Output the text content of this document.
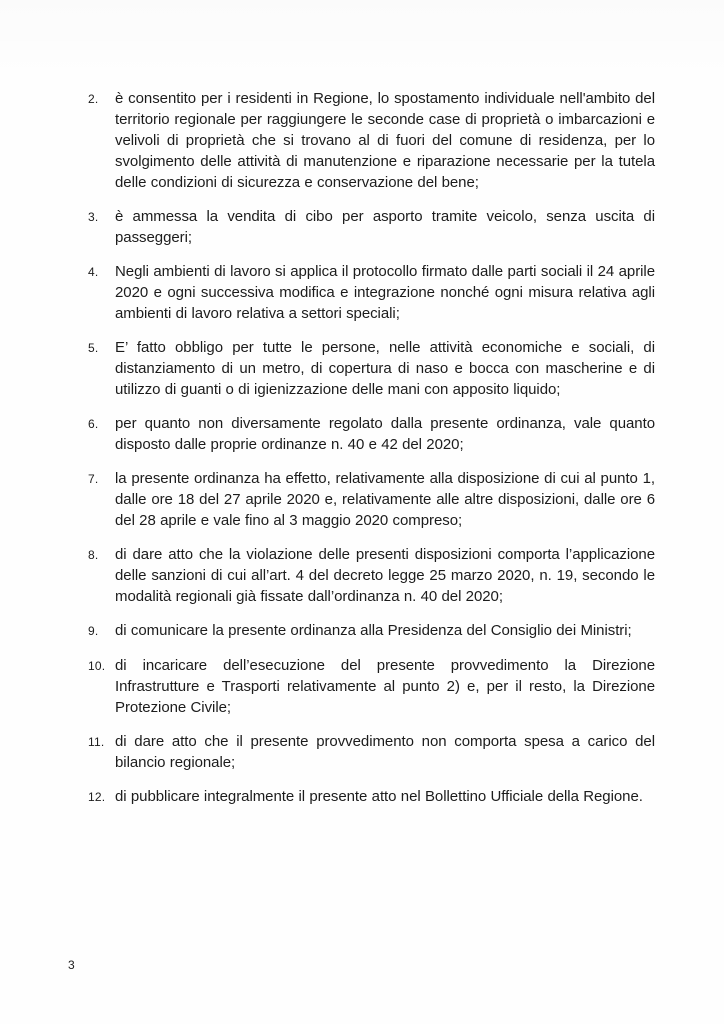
2.	è consentito per i residenti in Regione, lo spostamento individuale nell'ambito del territorio regionale per raggiungere le seconde case di proprietà o imbarcazioni e velivoli di proprietà che si trovano al di fuori del comune di residenza, per lo svolgimento delle attività di manutenzione e riparazione necessarie per la tutela delle condizioni di sicurezza e conservazione del bene;
3.	è ammessa la vendita di cibo per asporto tramite veicolo, senza uscita di passeggeri;
4.	Negli ambienti di lavoro si applica il protocollo firmato dalle parti sociali il 24 aprile 2020 e ogni successiva modifica e integrazione nonché ogni misura relativa agli ambienti di lavoro relativa a settori speciali;
5.	E’ fatto obbligo per tutte le persone, nelle attività economiche e sociali, di distanziamento di un metro, di copertura di naso e bocca con mascherine e di utilizzo di guanti o di igienizzazione delle mani con apposito liquido;
6.	per quanto non diversamente regolato dalla presente ordinanza, vale quanto disposto dalle proprie ordinanze n. 40 e 42 del 2020;
7.	la presente ordinanza ha effetto, relativamente alla disposizione di cui al punto 1, dalle ore 18 del 27 aprile 2020 e, relativamente alle altre disposizioni, dalle ore 6 del 28 aprile e vale fino al 3 maggio 2020 compreso;
8.	di dare atto che la violazione delle presenti disposizioni comporta l’applicazione delle sanzioni di cui all’art. 4 del decreto legge 25 marzo 2020, n. 19, secondo le modalità regionali già fissate dall’ordinanza n. 40 del 2020;
9.	di comunicare la presente ordinanza alla Presidenza del Consiglio dei Ministri;
10. di incaricare dell’esecuzione del presente provvedimento la Direzione Infrastrutture e Trasporti relativamente al punto 2) e, per il resto, la Direzione Protezione Civile;
11. di dare atto che il presente provvedimento non comporta spesa a carico del bilancio regionale;
12. di pubblicare integralmente il presente atto nel Bollettino Ufficiale della Regione.
3
